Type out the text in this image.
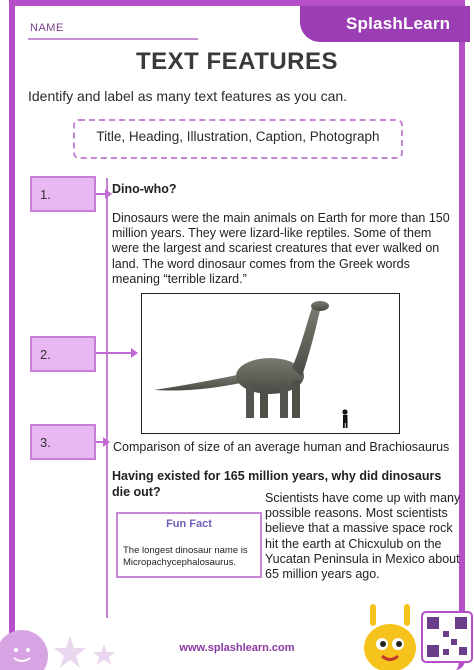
NAME	SplashLearn
TEXT FEATURES
Identify and label as many text features as you can.
Title, Heading, Illustration, Caption, Photograph
1.
2.
3.
Dino-who?
Dinosaurs were the main animals on Earth for more than 150 million years. They were lizard-like reptiles. Some of them were the largest and scariest creatures that ever walked on land. The word dinosaur comes from the Greek words meaning “terrible lizard.”
Comparison of size of an average human and Brachiosaurus
Having existed for 165 million years, why did dinosaurs die out?
Fun Fact
The longest dinosaur name is Micropachycephalosaurus.
Scientists have come up with many possible reasons. Most scientists believe that a massive space rock hit the earth at Chicxulub on the Yucatan Peninsula in Mexico about 65 million years ago.
www.splashlearn.com
